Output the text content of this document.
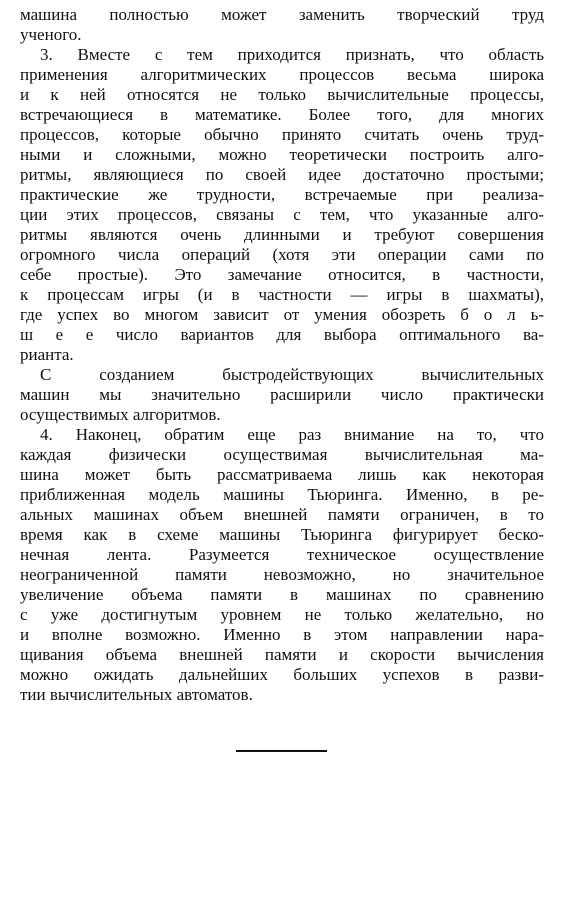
машина полностью может заменить творческий труд
ученого.
3. Вместе с тем приходится признать, что область
применения алгоритмических процессов весьма широка
и к ней относятся не только вычислительные процессы,
встречающиеся в математике. Более того, для многих
процессов, которые обычно принято считать очень труд-
ными и сложными, можно теоретически построить алго-
ритмы, являющиеся по своей идее достаточно простыми;
практические же трудности, встречаемые при реализа-
ции этих процессов, связаны с тем, что указанные алго-
ритмы являются очень длинными и требуют совершения
огромного числа операций (хотя эти операции сами по
себе простые). Это замечание относится, в частности,
к процессам игры (и в частности — игры в шахматы),
где успех во многом зависит от умения обозреть б о л ь-
ш е е число вариантов для выбора оптимального ва-
рианта.
С созданием быстродействующих вычислительных
машин мы значительно расширили число практически
осуществимых алгоритмов.
4. Наконец, обратим еще раз внимание на то, что
каждая физически осуществимая вычислительная ма-
шина может быть рассматриваема лишь как некоторая
приближенная модель машины Тьюринга. Именно, в ре-
альных машинах объем внешней памяти ограничен, в то
время как в схеме машины Тьюринга фигурирует беско-
нечная лента. Разумеется техническое осуществление
неограниченной памяти невозможно, но значительное
увеличение объема памяти в машинах по сравнению
с уже достигнутым уровнем не только желательно, но
и вполне возможно. Именно в этом направлении нара-
щивания объема внешней памяти и скорости вычисления
можно ожидать дальнейших больших успехов в разви-
тии вычислительных автоматов.
